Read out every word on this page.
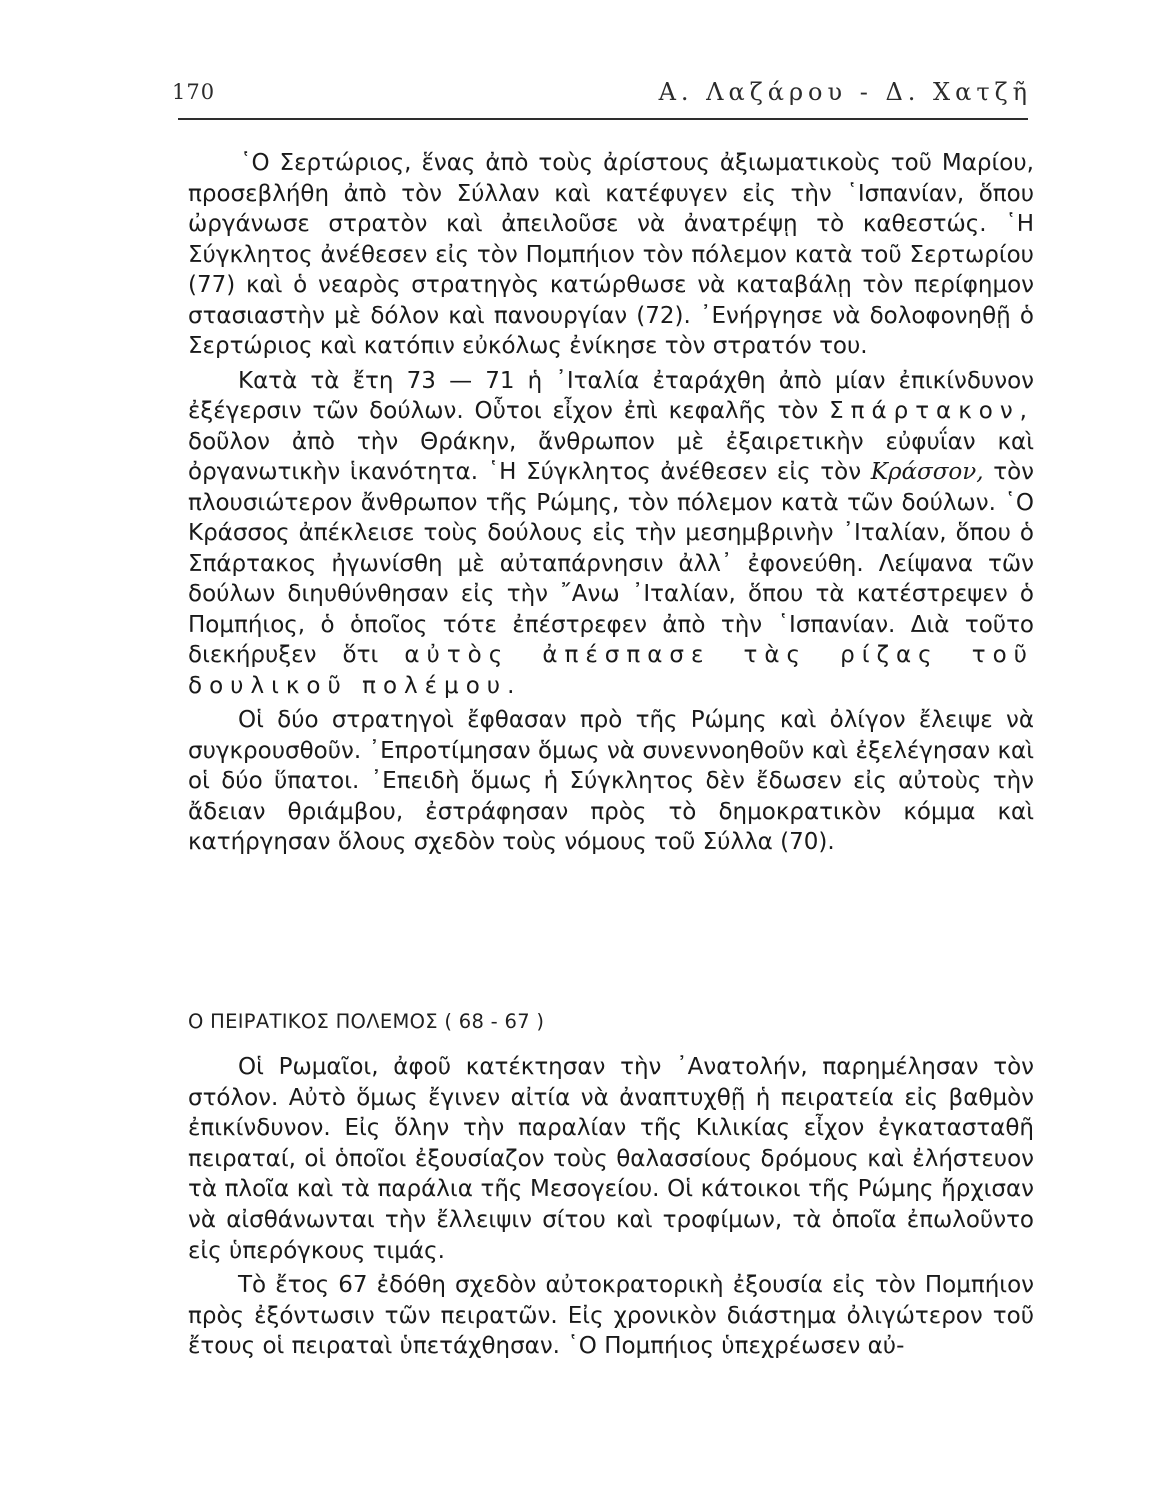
170	Α. Λαζάρου - Δ. Χατζῆ

῾Ο Σερτώριος, ἕνας ἀπὸ τοὺς ἀρίστους ἀξιωματικοὺς τοῦ Μαρίου, προσεβλήθη ἀπὸ τὸν Σύλλαν καὶ κατέφυγεν εἰς τὴν ῾Ισπανίαν, ὅπου ὠργάνωσε στρατὸν καὶ ἀπειλοῦσε νὰ ἀνατρέψῃ τὸ καθεστώς. ῾Η Σύγκλητος ἀνέθεσεν εἰς τὸν Πομπήιον τὸν πόλεμον κατὰ τοῦ Σερτωρίου (77) καὶ ὁ νεαρὸς στρατηγὸς κατώρθωσε νὰ καταβάλῃ τὸν περίφημον στασιαστὴν μὲ δόλον καὶ πανουργίαν (72). ᾿Ενήργησε νὰ δολοφονηθῇ ὁ Σερτώριος καὶ κατόπιν εὐκόλως ἐνίκησε τὸν στρατόν του.

Κατὰ τὰ ἔτη 73 — 71 ἡ ᾿Ιταλία ἐταράχθη ἀπὸ μίαν ἐπικίνδυνον ἐξέγερσιν τῶν δούλων. Οὗτοι εἶχον ἐπὶ κεφαλῆς τὸν Σπάρτακον, δοῦλον ἀπὸ τὴν Θράκην, ἄνθρωπον μὲ ἐξαιρετικὴν εὐφυΐαν καὶ ὀργανωτικὴν ἱκανότητα. ῾Η Σύγκλητος ἀνέθεσεν εἰς τὸν Κράσσον, τὸν πλουσιώτερον ἄνθρωπον τῆς Ρώμης, τὸν πόλεμον κατὰ τῶν δούλων. ῾Ο Κράσσος ἀπέκλεισε τοὺς δούλους εἰς τὴν μεσημβρινὴν ᾿Ιταλίαν, ὅπου ὁ Σπάρτακος ἠγωνίσθη μὲ αὐταπάρνησιν ἀλλ᾿ ἐφονεύθη. Λείψανα τῶν δούλων διηυθύνθησαν εἰς τὴν ῎Ανω ᾿Ιταλίαν, ὅπου τὰ κατέστρεψεν ὁ Πομπήιος, ὁ ὁποῖος τότε ἐπέστρεφεν ἀπὸ τὴν ῾Ισπανίαν. Διὰ τοῦτο διεκήρυξεν ὅτι αὐτὸς ἀπέσπασε τὰς ρίζας τοῦ δουλικοῦ πολέμου.

Οἱ δύο στρατηγοὶ ἔφθασαν πρὸ τῆς Ρώμης καὶ ὀλίγον ἔλειψε νὰ συγκρουσθοῦν. ᾿Επροτίμησαν ὅμως νὰ συνεννοηθοῦν καὶ ἐξελέγησαν καὶ οἱ δύο ὕπατοι. ᾿Επειδὴ ὅμως ἡ Σύγκλητος δὲν ἔδωσεν εἰς αὐτοὺς τὴν ἄδειαν θριάμβου, ἐστράφησαν πρὸς τὸ δημοκρατικὸν κόμμα καὶ κατήργησαν ὅλους σχεδὸν τοὺς νόμους τοῦ Σύλλα (70).

Ο ΠΕΙΡΑΤΙΚΟΣ ΠΟΛΕΜΟΣ ( 68 - 67 )

Οἱ Ρωμαῖοι, ἀφοῦ κατέκτησαν τὴν ᾿Ανατολήν, παρημέλησαν τὸν στόλον. Αὐτὸ ὅμως ἔγινεν αἰτία νὰ ἀναπτυχθῇ ἡ πειρατεία εἰς βαθμὸν ἐπικίνδυνον. Εἰς ὅλην τὴν παραλίαν τῆς Κιλικίας εἶχον ἐγκατασταθῆ πειραταί, οἱ ὁποῖοι ἐξουσίαζον τοὺς θαλασσίους δρόμους καὶ ἐλήστευον τὰ πλοῖα καὶ τὰ παράλια τῆς Μεσογείου. Οἱ κάτοικοι τῆς Ρώμης ἤρχισαν νὰ αἰσθάνωνται τὴν ἔλλειψιν σίτου καὶ τροφίμων, τὰ ὁποῖα ἐπωλοῦντο εἰς ὑπερόγκους τιμάς.

Τὸ ἔτος 67 ἐδόθη σχεδὸν αὐτοκρατορικὴ ἐξουσία εἰς τὸν Πομπήιον πρὸς ἐξόντωσιν τῶν πειρατῶν. Εἰς χρονικὸν διάστημα ὀλιγώτερον τοῦ ἔτους οἱ πειραταὶ ὑπετάχθησαν. ῾Ο Πομπήιος ὑπεχρέωσεν αὐ-
